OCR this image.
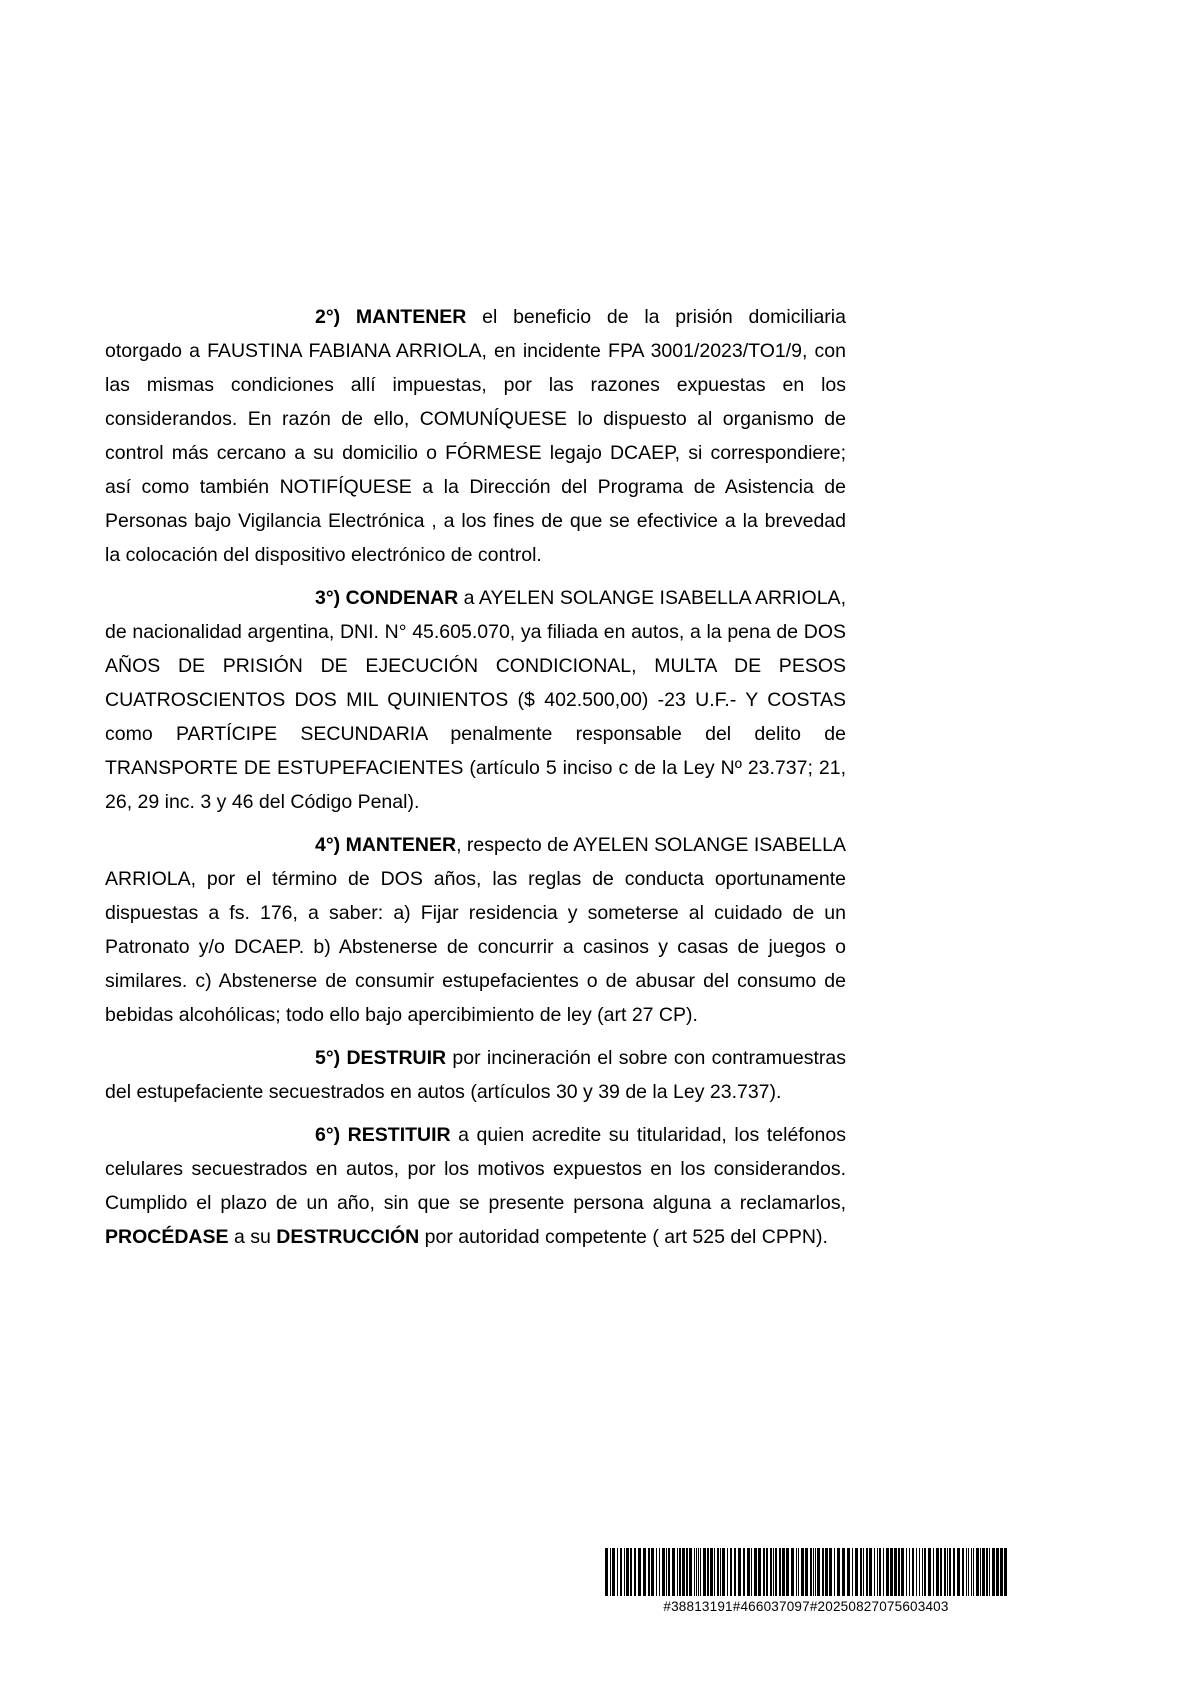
2°) MANTENER el beneficio de la prisión domiciliaria otorgado a FAUSTINA FABIANA ARRIOLA, en incidente FPA 3001/2023/TO1/9, con las mismas condiciones allí impuestas, por las razones expuestas en los considerandos. En razón de ello, COMUNÍQUESE lo dispuesto al organismo de control más cercano a su domicilio o FÓRMESE legajo DCAEP, si correspondiere; así como también NOTIFÍQUESE a la Dirección del Programa de Asistencia de Personas bajo Vigilancia Electrónica , a los fines de que se efectivice a la brevedad la colocación del dispositivo electrónico de control.

3°) CONDENAR a AYELEN SOLANGE ISABELLA ARRIOLA, de nacionalidad argentina, DNI. N° 45.605.070, ya filiada en autos, a la pena de DOS AÑOS DE PRISIÓN DE EJECUCIÓN CONDICIONAL, MULTA DE PESOS CUATROSCIENTOS DOS MIL QUINIENTOS ($ 402.500,00) -23 U.F.- Y COSTAS como PARTÍCIPE SECUNDARIA penalmente responsable del delito de TRANSPORTE DE ESTUPEFACIENTES (artículo 5 inciso c de la Ley Nº 23.737; 21, 26, 29 inc. 3 y 46 del Código Penal).

4°) MANTENER, respecto de AYELEN SOLANGE ISABELLA ARRIOLA, por el término de DOS años, las reglas de conducta oportunamente dispuestas a fs. 176, a saber: a) Fijar residencia y someterse al cuidado de un Patronato y/o DCAEP. b) Abstenerse de concurrir a casinos y casas de juegos o similares. c) Abstenerse de consumir estupefacientes o de abusar del consumo de bebidas alcohólicas; todo ello bajo apercibimiento de ley (art 27 CP).

5°) DESTRUIR por incineración el sobre con contramuestras del estupefaciente secuestrados en autos (artículos 30 y 39 de la Ley 23.737).

6°) RESTITUIR a quien acredite su titularidad, los teléfonos celulares secuestrados en autos, por los motivos expuestos en los considerandos. Cumplido el plazo de un año, sin que se presente persona alguna a reclamarlos, PROCÉDASE a su DESTRUCCIÓN por autoridad competente ( art 525 del CPPN).

#38813191#466037097#20250827075603403
